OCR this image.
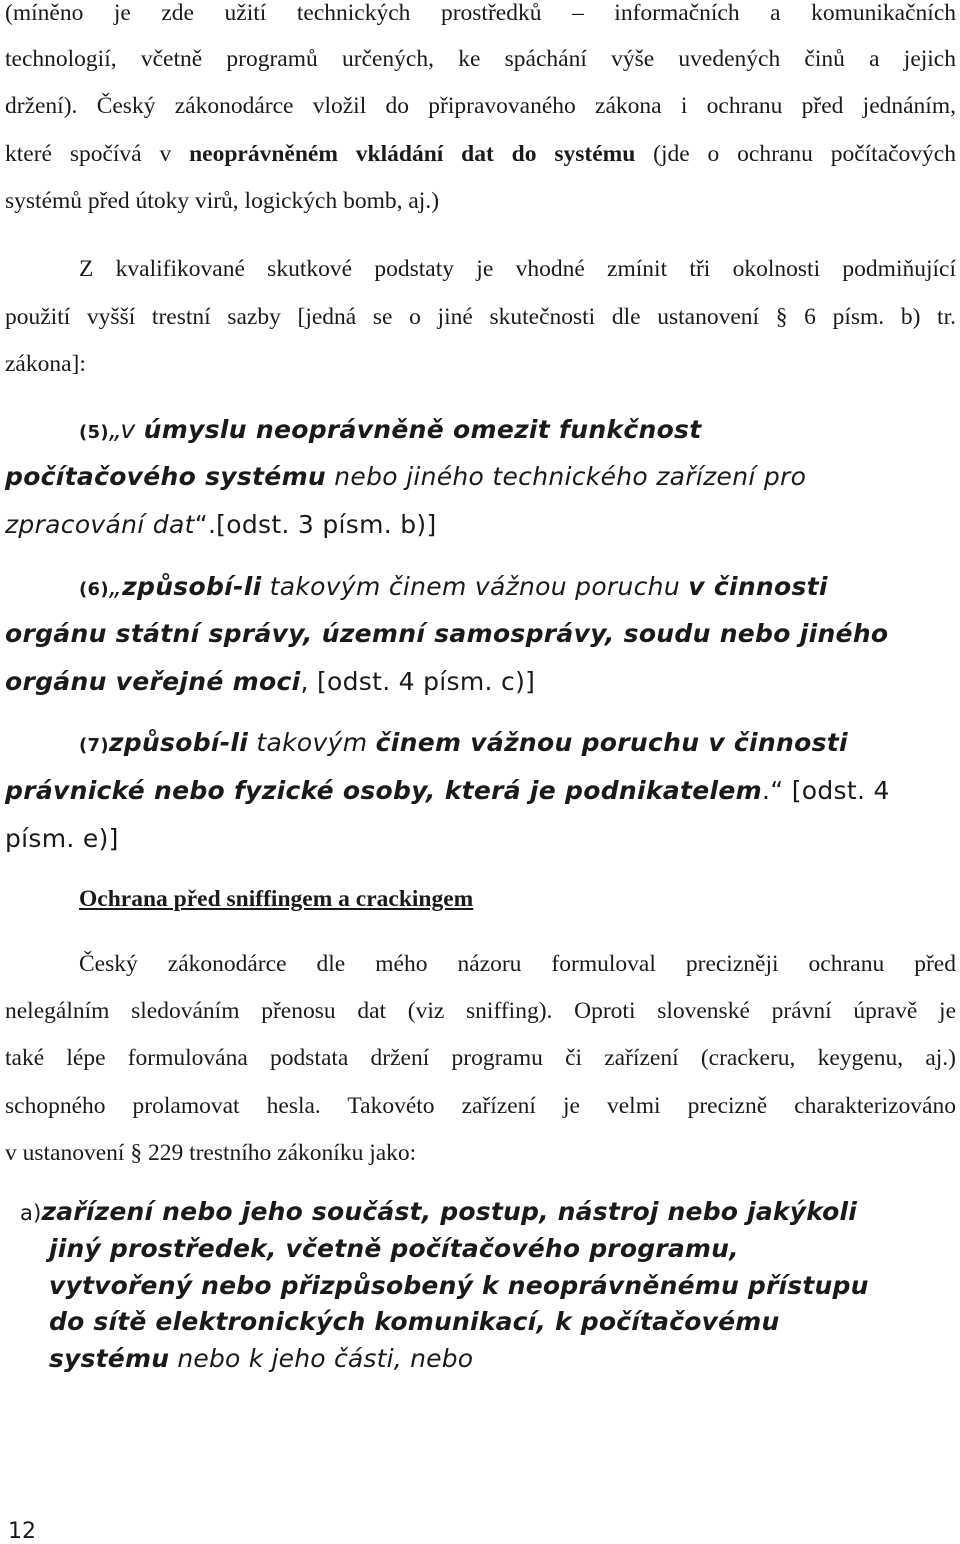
(míněno je zde užití technických prostředků – informačních a komunikačních
technologií, včetně programů určených, ke spáchání výše uvedených činů a jejich
držení). Český zákonodárce vložil do připravovaného zákona i ochranu před jednáním,
které spočívá v neoprávněném vkládání dat do systému (jde o ochranu počítačových
systémů před útoky virů, logických bomb, aj.)
Z kvalifikované skutkové podstaty je vhodné zmínit tři okolnosti podmiňující
použití vyšší trestní sazby [jedná se o jiné skutečnosti dle ustanovení § 6 písm. b) tr.
zákona]:
(5)„v úmyslu neoprávněně omezit funkčnost
počítačového systému nebo jiného technického zařízení pro
zpracování dat“.[odst. 3 písm. b)]
(6)„způsobí-li takovým činem vážnou poruchu v činnosti
orgánu státní správy, územní samosprávy, soudu nebo jiného
orgánu veřejné moci, [odst. 4 písm. c)]
(7)způsobí-li takovým činem vážnou poruchu v činnosti
právnické nebo fyzické osoby, která je podnikatelem.“ [odst. 4
písm. e)]
Ochrana před sniffingem a crackingem
Český zákonodárce dle mého názoru formuloval precizněji ochranu před
nelegálním sledováním přenosu dat (viz sniffing). Oproti slovenské právní úpravě je
také lépe formulována podstata držení programu či zařízení (crackeru, keygenu, aj.)
schopného prolamovat hesla. Takovéto zařízení je velmi precizně charakterizováno
v ustanovení § 229 trestního zákoníku jako:
a)zařízení nebo jeho součást, postup, nástroj nebo jakýkoli
jiný prostředek, včetně počítačového programu,
vytvořený nebo přizpůsobený k neoprávněnému přístupu
do sítě elektronických komunikací, k počítačovému
systému nebo k jeho části, nebo
12
